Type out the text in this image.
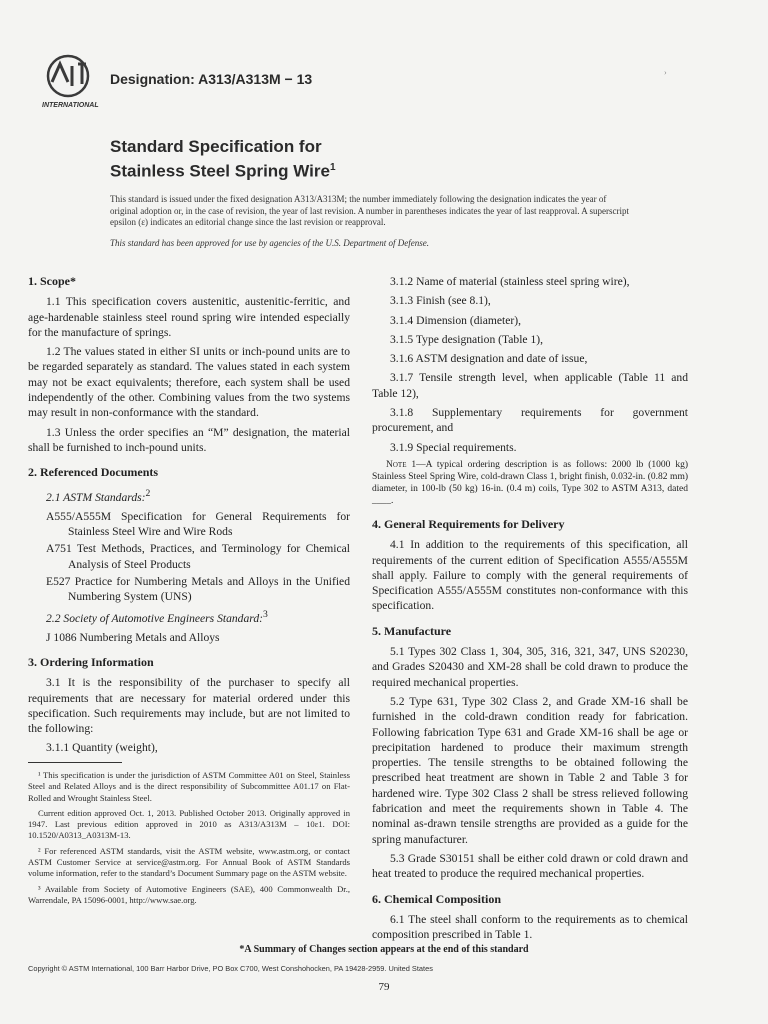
INTERNATIONAL
Designation: A313/A313M − 13	›
Standard Specification for
Stainless Steel Spring Wire$^1$
This standard is issued under the fixed designation A313/A313M; the number immediately following the designation indicates the year of original adoption or, in the case of revision, the year of last revision. A number in parentheses indicates the year of last reapproval. A superscript epsilon (ε) indicates an editorial change since the last revision or reapproval.
This standard has been approved for use by agencies of the U.S. Department of Defense.
1. Scope*

1.1 This specification covers austenitic, austenitic-ferritic, and age-hardenable stainless steel round spring wire intended especially for the manufacture of springs.

1.2 The values stated in either SI units or inch-pound units are to be regarded separately as standard. The values stated in each system may not be exact equivalents; therefore, each system shall be used independently of the other. Combining values from the two systems may result in non-conformance with the standard.

1.3 Unless the order specifies an “M” designation, the material shall be furnished to inch-pound units.

2. Referenced Documents

2.1 ASTM Standards:$^2$

A555/A555M Specification for General Requirements for Stainless Steel Wire and Wire Rods
A751 Test Methods, Practices, and Terminology for Chemical Analysis of Steel Products
E527 Practice for Numbering Metals and Alloys in the Unified Numbering System (UNS)

2.2 Society of Automotive Engineers Standard:$^3$

J 1086 Numbering Metals and Alloys
3. Ordering Information

3.1 It is the responsibility of the purchaser to specify all requirements that are necessary for material ordered under this specification. Such requirements may include, but are not limited to the following:

3.1.1 Quantity (weight),

¹ This specification is under the jurisdiction of ASTM Committee A01 on Steel, Stainless Steel and Related Alloys and is the direct responsibility of Subcommittee A01.17 on Flat-Rolled and Wrought Stainless Steel.

Current edition approved Oct. 1, 2013. Published October 2013. Originally approved in 1947. Last previous edition approved in 2010 as A313/A313M – 10ε1. DOI: 10.1520/A0313_A0313M-13.

² For referenced ASTM standards, visit the ASTM website, www.astm.org, or contact ASTM Customer Service at service@astm.org. For Annual Book of ASTM Standards volume information, refer to the standard’s Document Summary page on the ASTM website.

³ Available from Society of Automotive Engineers (SAE), 400 Commonwealth Dr., Warrendale, PA 15096-0001, http://www.sae.org.

3.1.2 Name of material (stainless steel spring wire),

3.1.3 Finish (see 8.1),

3.1.4 Dimension (diameter),

3.1.5 Type designation (Table 1),

3.1.6 ASTM designation and date of issue,

3.1.7 Tensile strength level, when applicable (Table 11 and Table 12),

3.1.8 Supplementary requirements for government procurement, and

3.1.9 Special requirements.

Note 1—A typical ordering description is as follows: 2000 lb (1000 kg) Stainless Steel Spring Wire, cold-drawn Class 1, bright finish, 0.032-in. (0.82 mm) diameter, in 100-lb (50 kg) 16-in. (0.4 m) coils, Type 302 to ASTM A313, dated ____.
4. General Requirements for Delivery

4.1 In addition to the requirements of this specification, all requirements of the current edition of Specification A555/A555M shall apply. Failure to comply with the general requirements of Specification A555/A555M constitutes non-conformance with this specification.

5. Manufacture

5.1 Types 302 Class 1, 304, 305, 316, 321, 347, UNS S20230, and Grades S20430 and XM-28 shall be cold drawn to produce the required mechanical properties.

5.2 Type 631, Type 302 Class 2, and Grade XM-16 shall be furnished in the cold-drawn condition ready for fabrication. Following fabrication Type 631 and Grade XM-16 shall be age or precipitation hardened to produce their maximum strength properties. The tensile strengths to be obtained following the prescribed heat treatment are shown in Table 2 and Table 3 for hardened wire. Type 302 Class 2 shall be stress relieved following fabrication and meet the requirements shown in Table 4. The nominal as-drawn tensile strengths are provided as a guide for the spring manufacturer.

5.3 Grade S30151 shall be either cold drawn or cold drawn and heat treated to produce the required mechanical properties.

6. Chemical Composition

6.1 The steel shall conform to the requirements as to chemical composition prescribed in Table 1.

*A Summary of Changes section appears at the end of this standard
Copyright © ASTM International, 100 Barr Harbor Drive, PO Box C700, West Conshohocken, PA 19428-2959. United States
79
